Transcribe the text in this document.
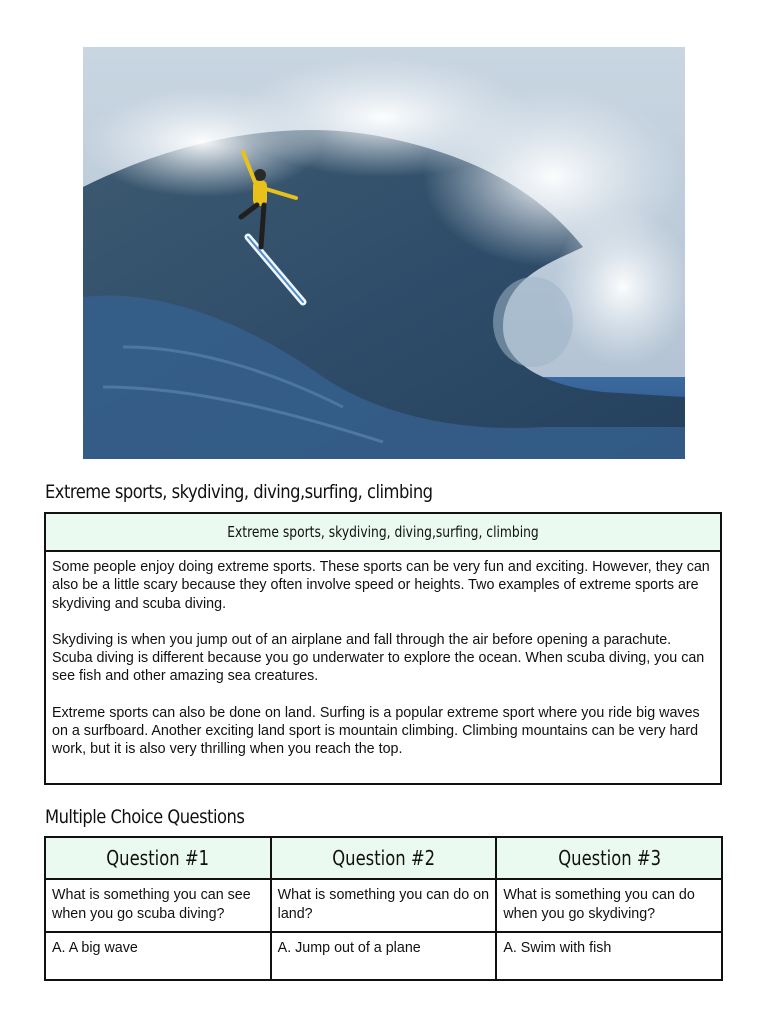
Extreme sports, skydiving, diving,surfing, climbing
Extreme sports, skydiving, diving,surfing, climbing

Some people enjoy doing extreme sports. These sports can be very fun and exciting. However, they can also be a little scary because they often involve speed or heights. Two examples of extreme sports are skydiving and scuba diving.

Skydiving is when you jump out of an airplane and fall through the air before opening a parachute. Scuba diving is different because you go underwater to explore the ocean. When scuba diving, you can see fish and other amazing sea creatures.

Extreme sports can also be done on land. Surfing is a popular extreme sport where you ride big waves on a surfboard. Another exciting land sport is mountain climbing. Climbing mountains can be very hard work, but it is also very thrilling when you reach the top.

Multiple Choice Questions
Question #1	Question #2	Question #3
What is something you can see when you go scuba diving?	What is something you can do on land?	What is something you can do when you go skydiving?
A. A big wave	A. Jump out of a plane	A. Swim with fish
